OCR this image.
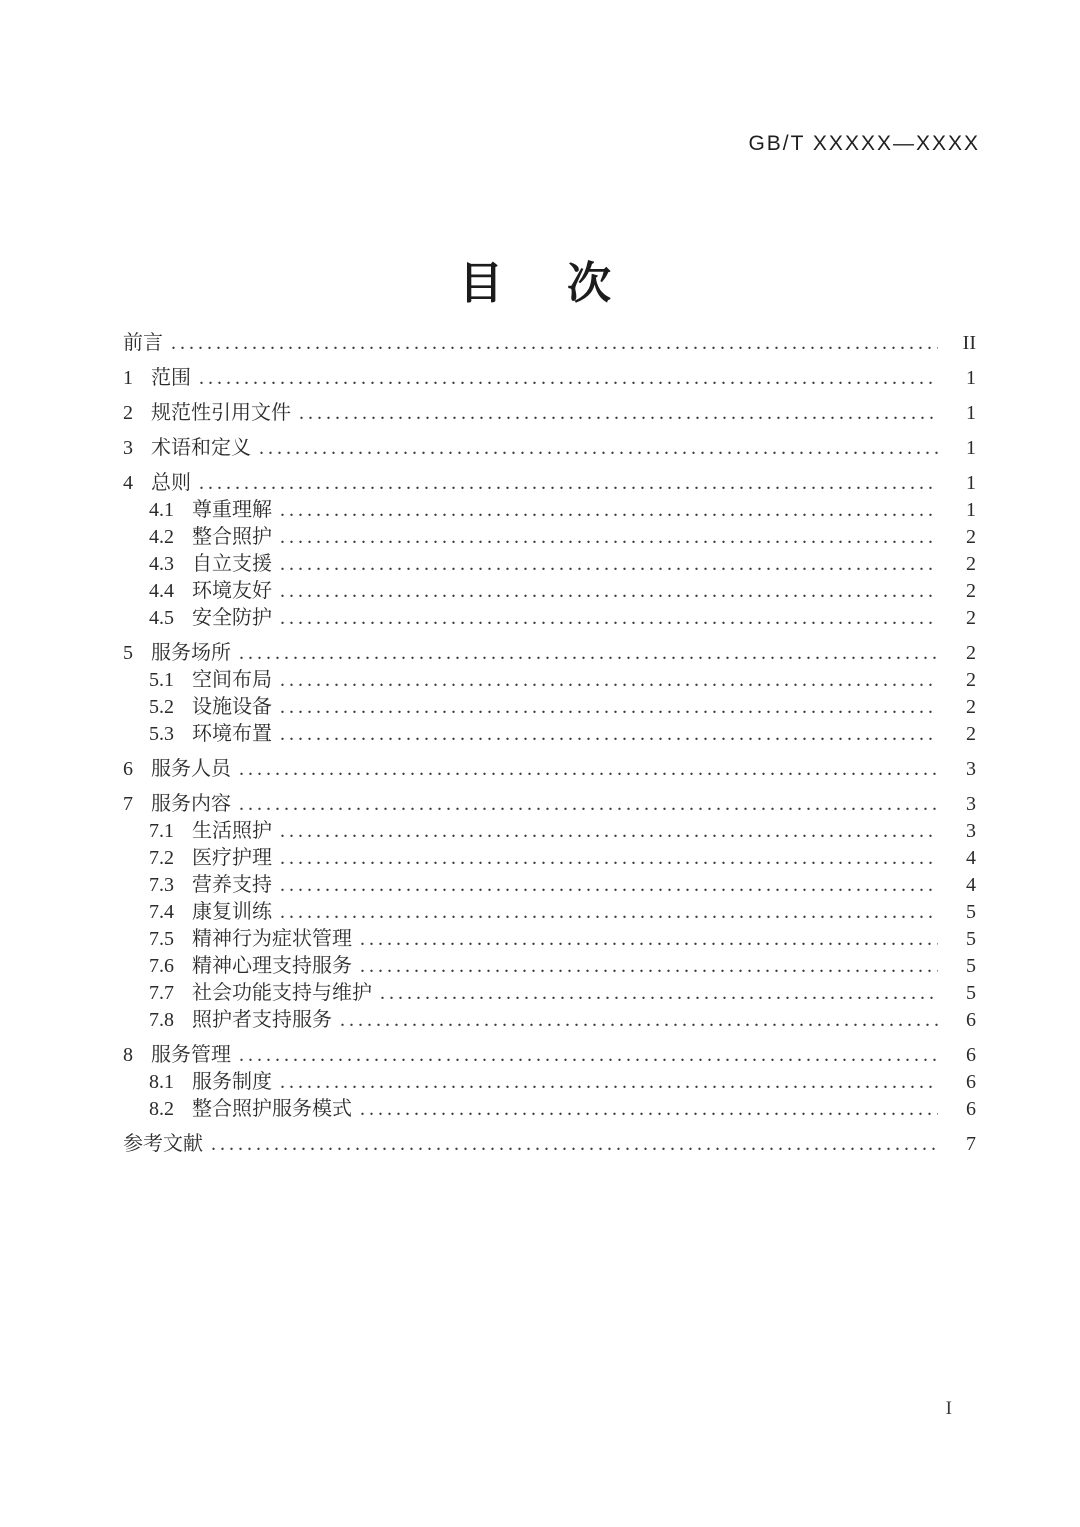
GB/T XXXXX—XXXX
目　次
前言 .....	II
1 范围 .....	1
2 规范性引用文件 .....	1
3 术语和定义 .....	1
4 总则 .....	1
4.1 尊重理解 .....	1
4.2 整合照护 .....	2
4.3 自立支援 .....	2
4.4 环境友好 .....	2
4.5 安全防护 .....	2
5 服务场所 .....	2
5.1 空间布局 .....	2
5.2 设施设备 .....	2
5.3 环境布置 .....	2
6 服务人员 .....	3
7 服务内容 .....	3
7.1 生活照护 .....	3
7.2 医疗护理 .....	4
7.3 营养支持 .....	4
7.4 康复训练 .....	5
7.5 精神行为症状管理 .....	5
7.6 精神心理支持服务 .....	5
7.7 社会功能支持与维护 .....	5
7.8 照护者支持服务 .....	6
8 服务管理 .....	6
8.1 服务制度 .....	6
8.2 整合照护服务模式 .....	6
参考文献 .....	7
I
